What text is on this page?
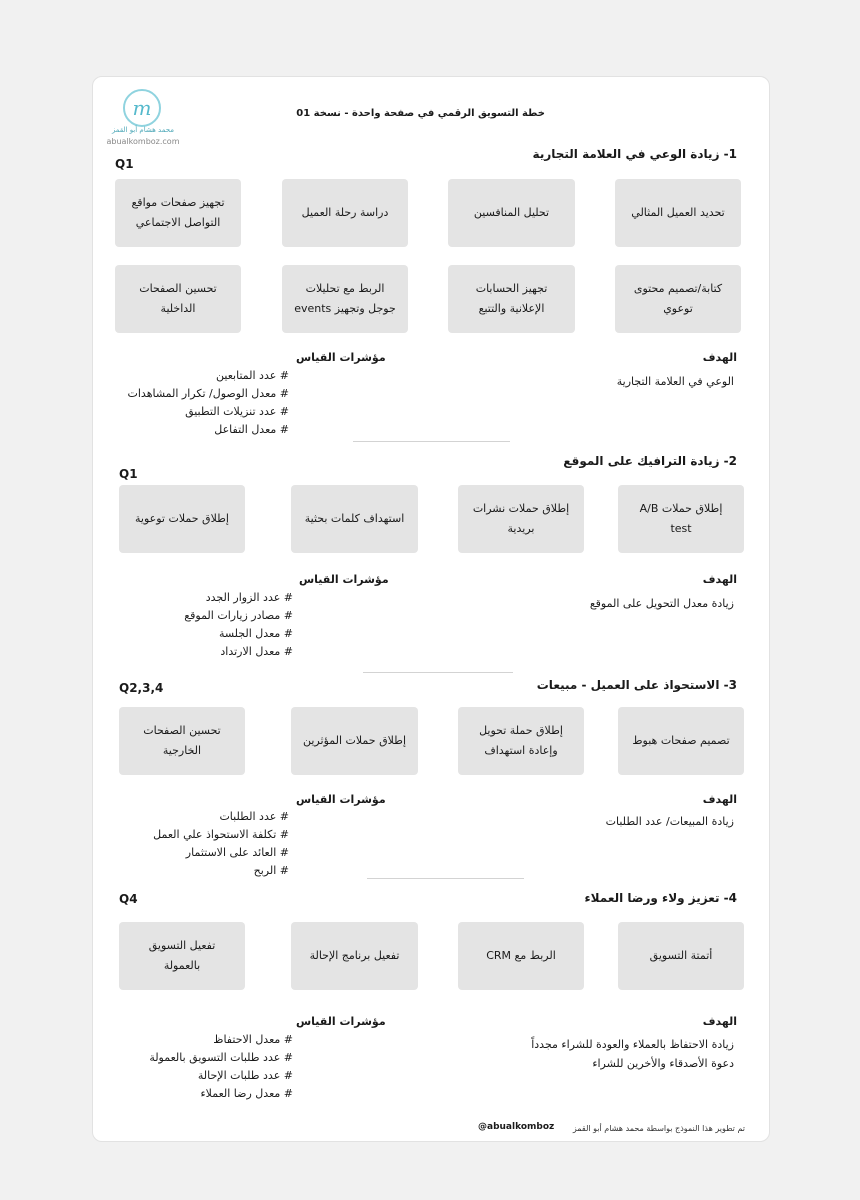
m
محمد هشام أبو القمز
abualkomboz.com
خطة التسويق الرقمي في صفحة واحدة - نسخة 01
1- زيادة الوعي في العلامة التجارية
Q1
تحديد العميل المثالي
تحليل المنافسين
دراسة رحلة العميل
تجهيز صفحات مواقع التواصل الاجتماعي
كتابة/تصميم محتوى توعوي
تجهيز الحسابات الإعلانية والتتبع
الربط مع تحليلات جوجل وتجهيز events
تحسين الصفحات الداخلية
الهدف
الوعي في العلامة التجارية
مؤشرات القياس
# عدد المتابعين
# معدل الوصول/ تكرار المشاهدات
# عدد تنزيلات التطبيق
# معدل التفاعل
2- زيادة الترافيك على الموقع
Q1
إطلاق حملات A/B test
إطلاق حملات نشرات بريدية
استهداف كلمات بحثية
إطلاق حملات توعوية
الهدف
زيادة معدل التحويل على الموقع
مؤشرات القياس
# عدد الزوار الجدد
# مصادر زيارات الموقع
# معدل الجلسة
# معدل الارتداد
3- الاستحواذ على العميل - مبيعات
Q2,3,4
تصميم صفحات هبوط
إطلاق حملة تحويل وإعادة استهداف
إطلاق حملات المؤثرين
تحسين الصفحات الخارجية
الهدف
زيادة المبيعات/ عدد الطلبات
مؤشرات القياس
# عدد الطلبات
# تكلفة الاستحواذ علي العمل
# العائد على الاستثمار
# الربح
4- تعزيز ولاء ورضا العملاء
Q4
أتمتة التسويق
الربط مع CRM
تفعيل برنامج الإحالة
تفعيل التسويق بالعمولة
الهدف
زيادة الاحتفاظ بالعملاء والعودة للشراء مجدداً
دعوة الأصدقاء والأخرين للشراء
مؤشرات القياس
# معدل الاحتفاظ
# عدد طلبات التسويق بالعمولة
# عدد طلبات الإحالة
# معدل رضا العملاء
تم تطوير هذا النموذج بواسطة محمد هشام أبو القمز
@abualkomboz
